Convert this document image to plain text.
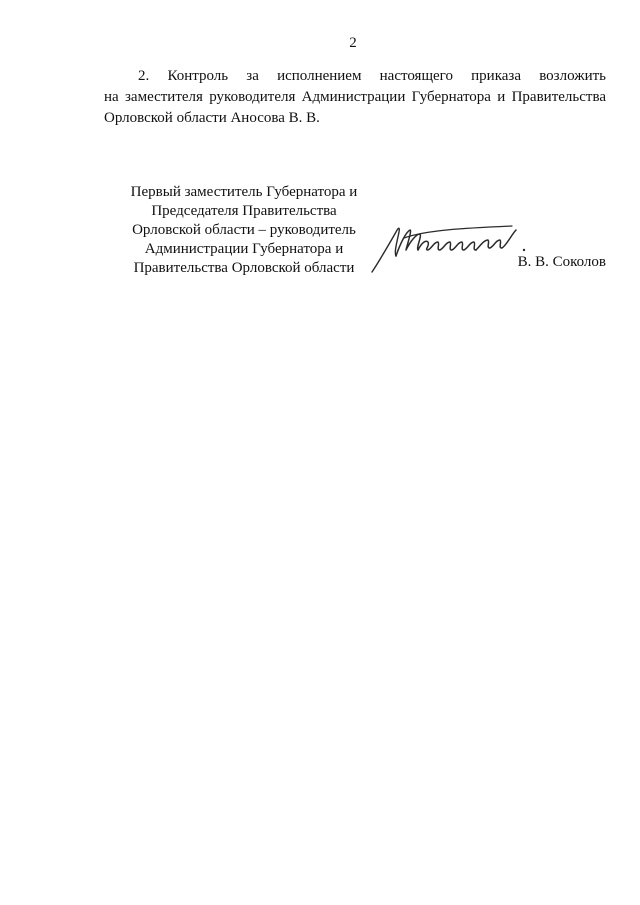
2
2. Контроль за исполнением настоящего приказа возложить
на заместителя руководителя Администрации Губернатора и Правительства
Орловской области Аносова В. В.
Первый заместитель Губернатора и
Председателя Правительства
Орловской области – руководитель
Администрации Губернатора и
Правительства Орловской области	В. В. Соколов
